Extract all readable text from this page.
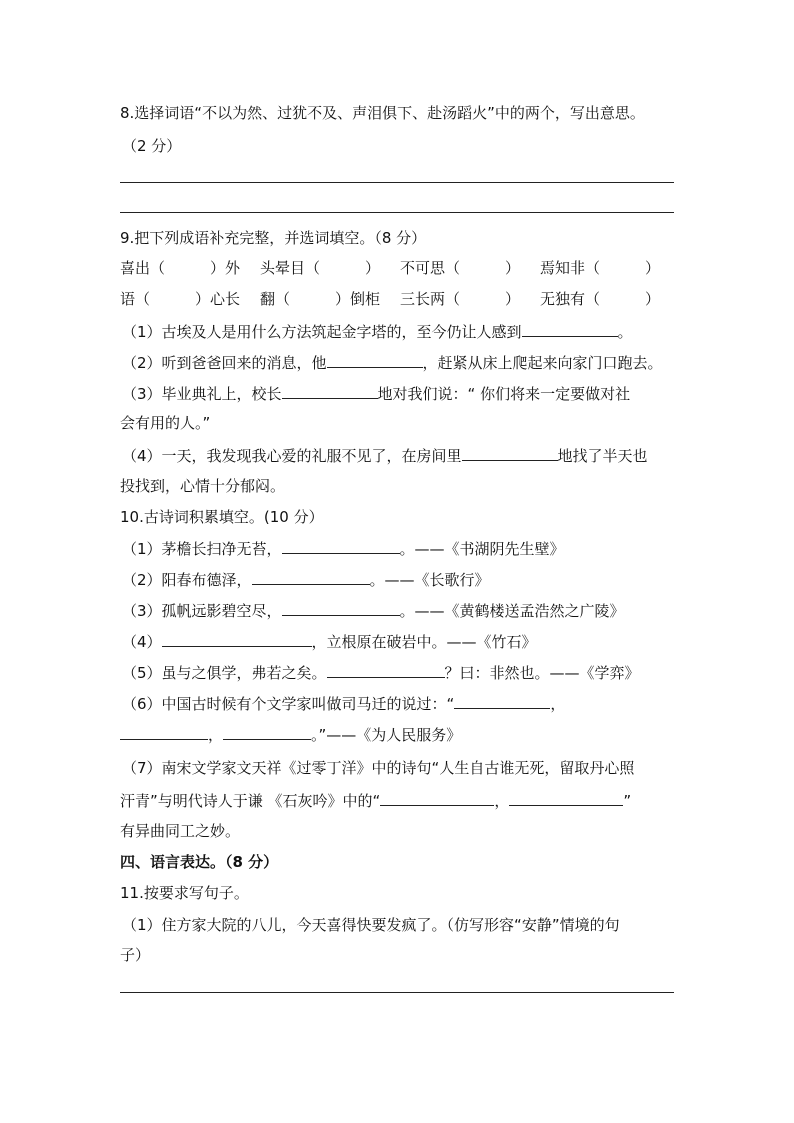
8.选择词语“不以为然、过犹不及、声泪俱下、赴汤蹈火”中的两个，写出意思。
（2 分）
9.把下列成语补充完整，并选词填空。（8 分）
喜出（　　　）外	头晕目（　　　）	不可思（　　　）	焉知非（　　　）
语（　　　）心长	翻（　　　）倒柜	三长两（　　　）	无独有（　　　）
（1）古埃及人是用什么方法筑起金字塔的，至今仍让人感到	。
（2）听到爸爸回来的消息，他	，赶紧从床上爬起来向家门口跑去。
（3）毕业典礼上，校长	地对我们说：“ 你们将来一定要做对社
会有用的人。”
（4）一天，我发现我心爱的礼服不见了，在房间里	地找了半天也
投找到，心情十分郁闷。
10.古诗词积累填空。(10 分）
（1）茅檐长扫净无苔，	。——《书湖阴先生壁》
（2）阳春布德泽，	。——《长歌行》
（3）孤帆远影碧空尽，	。——《黄鹤楼送孟浩然之广陵》
（4）	，立根原在破岩中。——《竹石》
（5）虽与之俱学，弗若之矣。	？曰：非然也。——《学弈》
（6）中国古时候有个文学家叫做司马迁的说过：“	，
，	。”——《为人民服务》
（7）南宋文学家文天祥《过零丁洋》中的诗句“人生自古谁无死，留取丹心照
汗青”与明代诗人于谦 《石灰吟》中的“	，	”
有异曲同工之妙。
四、语言表达。（8 分）
11.按要求写句子。
（1）住方家大院的八儿，今天喜得快要发疯了。（仿写形容“安静”情境的句
子）
